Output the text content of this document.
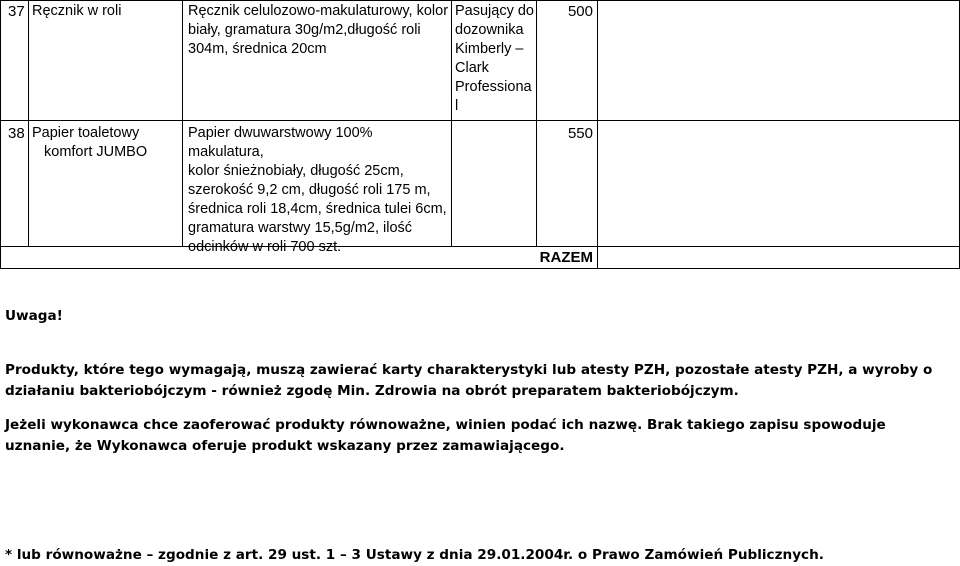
37 Ręcznik w roli	Ręcznik celulozowo-makulaturowy, kolor
biały, gramatura 30g/m2,długość roli
304m, średnica 20cm
Pasujący do
dozownika
Kimberly –
Clark
Professiona
l
500
38 Papier toaletowy
komfort JUMBO
Papier dwuwarstwowy 100% makulatura,
kolor śnieżnobiały, długość 25cm,
szerokość 9,2 cm, długość roli 175 m,
średnica roli 18,4cm, średnica tulei 6cm,
gramatura warstwy 15,5g/m2, ilość
odcinków w roli 700 szt.
550
RAZEM
Uwaga!
Produkty, które tego wymagają, muszą zawierać karty charakterystyki lub atesty PZH, pozostałe atesty PZH, a wyroby o działaniu bakteriobójczym - również zgodę Min. Zdrowia na obrót preparatem bakteriobójczym.
Jeżeli wykonawca chce zaoferować produkty równoważne, winien podać ich nazwę. Brak takiego zapisu spowoduje uznanie, że Wykonawca oferuje produkt wskazany przez zamawiającego.
* lub równoważne – zgodnie z art. 29 ust. 1 – 3 Ustawy z dnia 29.01.2004r. o Prawo Zamówień Publicznych.
